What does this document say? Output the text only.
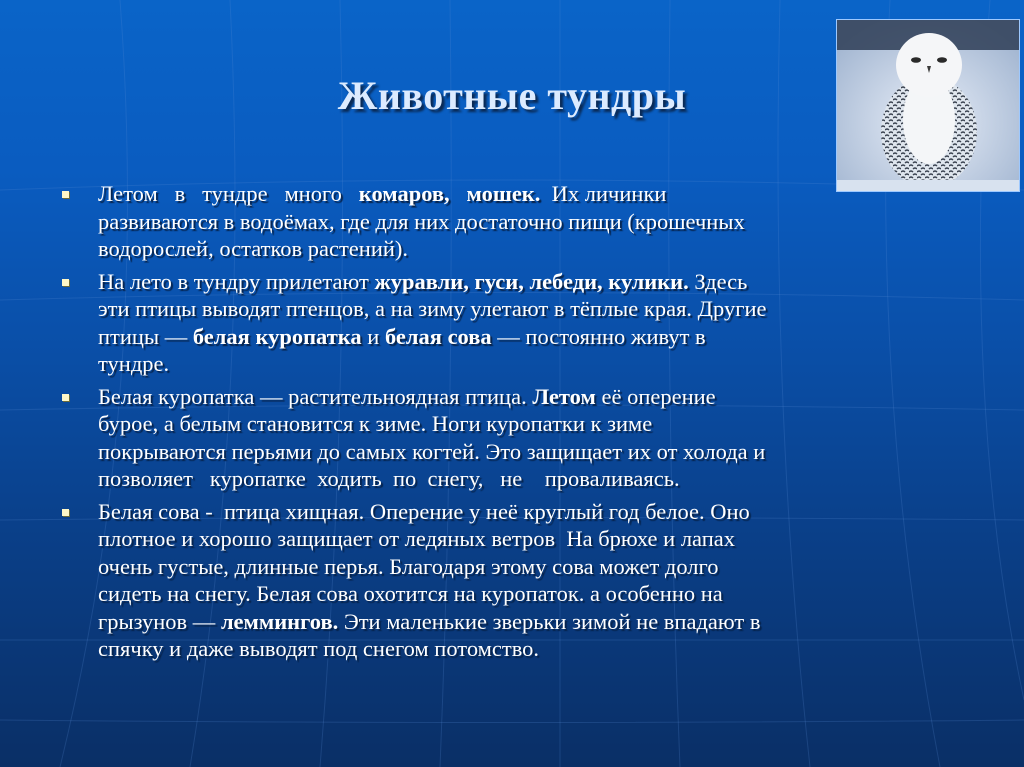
Животные тундры
Летом   в   тундре   много   комаров,   мошек.  Их личинки
развиваются в водоёмах, где для них достаточно пищи (крошечных
водорослей, остатков растений).
На лето в тундру прилетают журавли, гуси, лебеди, кулики. Здесь
эти птицы выводят птенцов, а на зиму улетают в тёплые края. Другие
птицы — белая куропатка и белая сова — постоянно живут в
тундре.
Белая куропатка — растительноядная птица. Летом её оперение
бурое, а белым становится к зиме. Ноги куропатки к зиме
покрываются перьями до самых когтей. Это защищает их от холода и
позволяет   куропатке  ходить  по  снегу,   не    проваливаясь.
Белая сова -  птица хищная. Оперение у неё круглый год белое. Оно
плотное и хорошо защищает от ледяных ветров  На брюхе и лапах
очень густые, длинные перья. Благодаря этому сова может долго
сидеть на снегу. Белая сова охотится на куропаток. а особенно на
грызунов — леммингов. Эти маленькие зверьки зимой не впадают в
спячку и даже выводят под снегом потомство.
